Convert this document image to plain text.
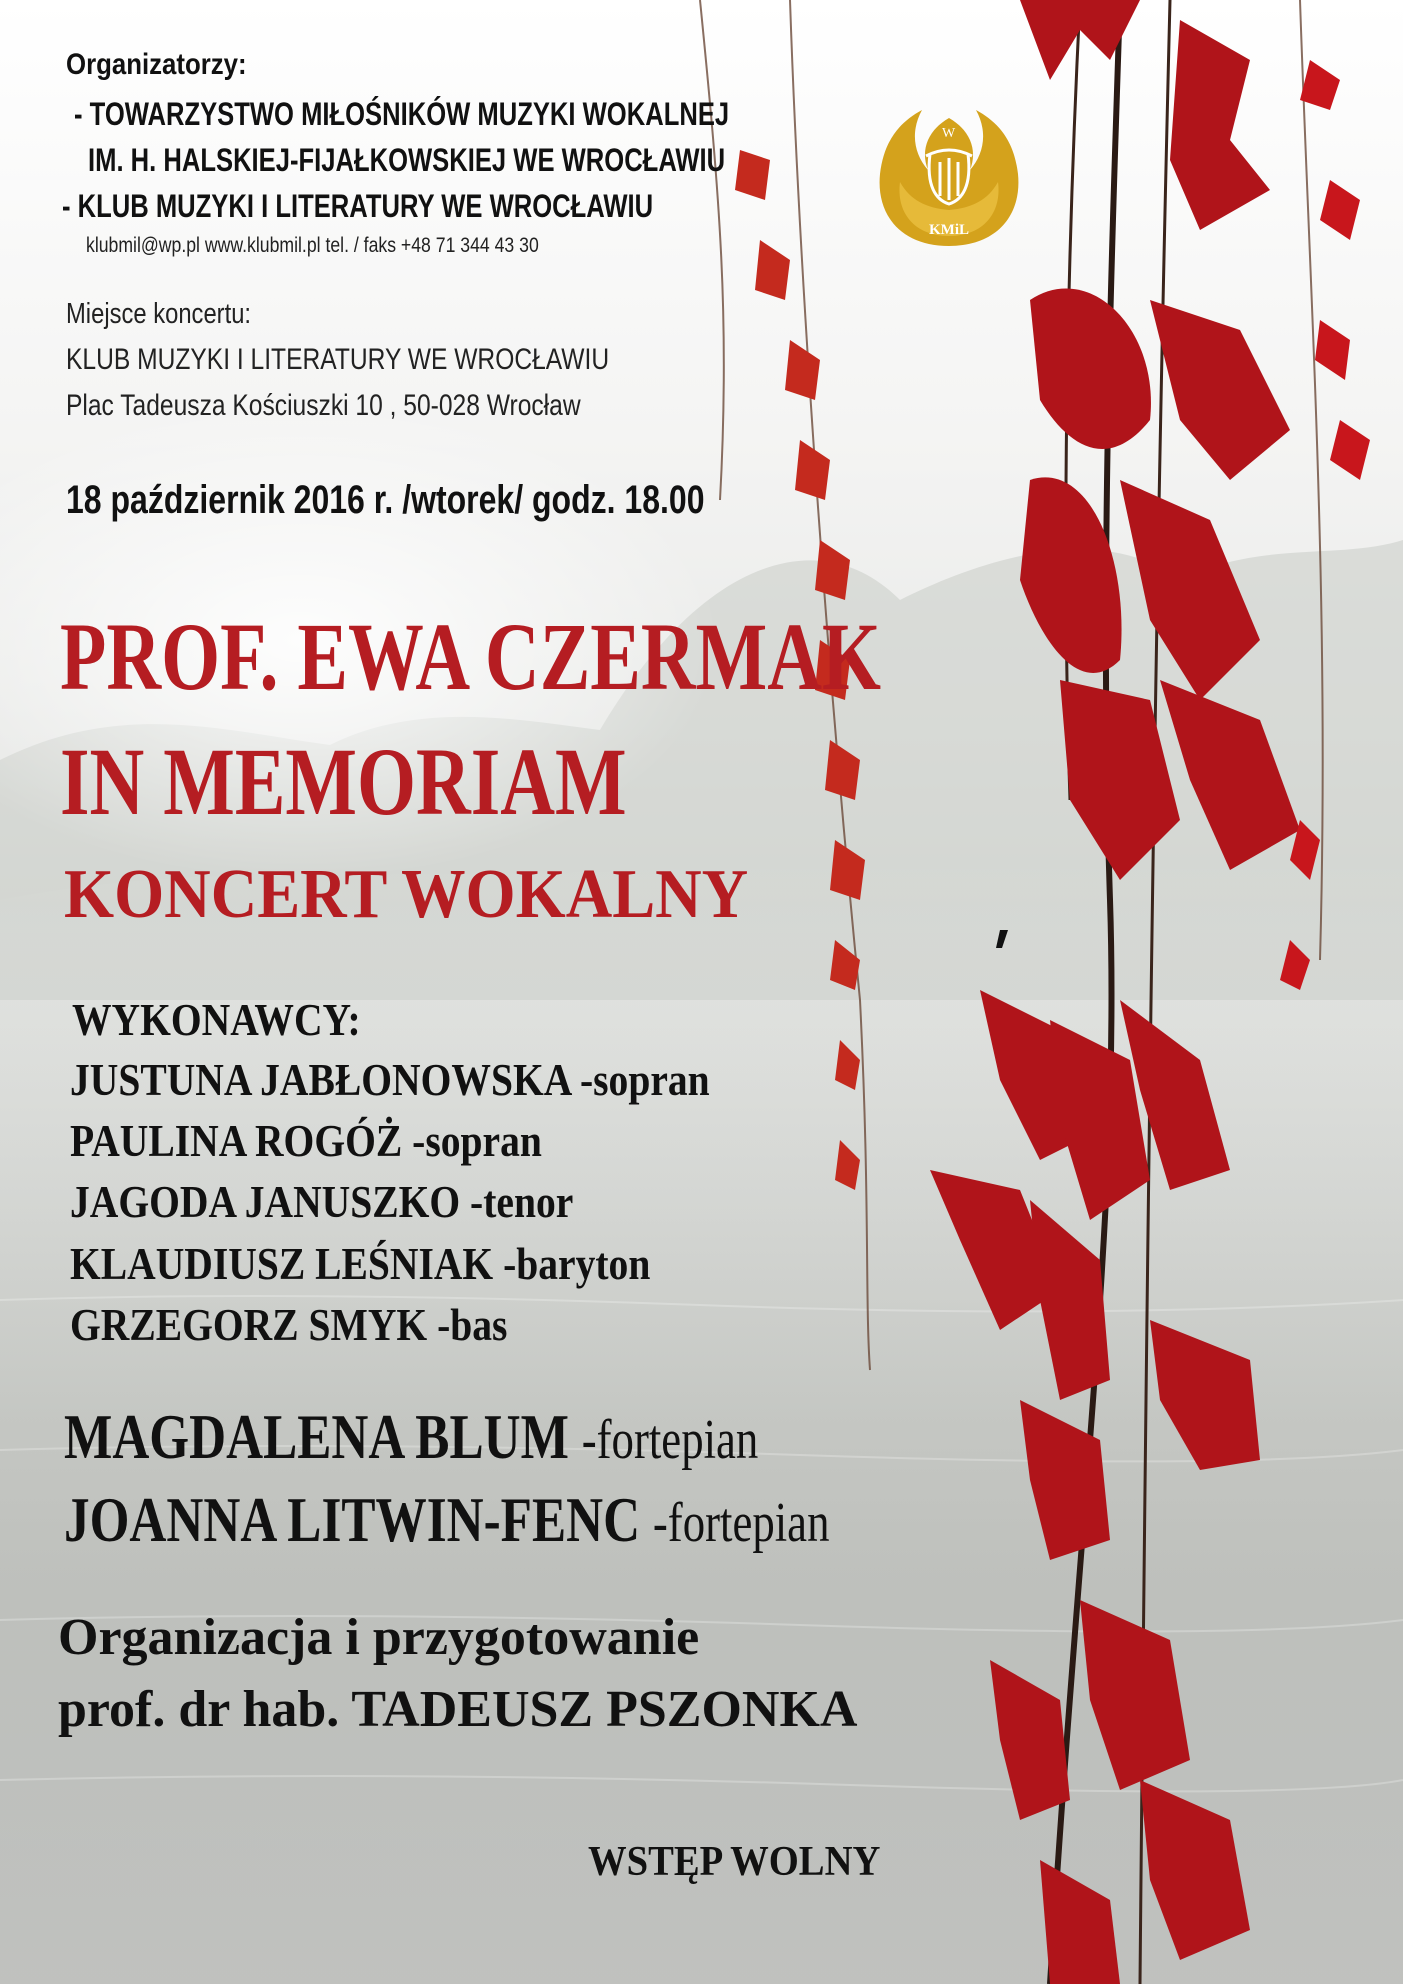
W
KMiL
Organizatorzy:
- TOWARZYSTWO MIŁOŚNIKÓW MUZYKI WOKALNEJ
IM. H. HALSKIEJ-FIJAŁKOWSKIEJ WE WROCŁAWIU
- KLUB MUZYKI I LITERATURY WE WROCŁAWIU
klubmil@wp.pl www.klubmil.pl tel. / faks +48 71 344 43 30
Miejsce koncertu:
KLUB MUZYKI I LITERATURY WE WROCŁAWIU
Plac Tadeusza Kościuszki 10 , 50-028 Wrocław
18 październik 2016 r. /wtorek/ godz. 18.00
PROF. EWA CZERMAK
IN MEMORIAM
KONCERT WOKALNY
WYKONAWCY:
JUSTUNA JABŁONOWSKA -sopran
PAULINA ROGÓŻ -sopran
JAGODA JANUSZKO -tenor
KLAUDIUSZ LEŚNIAK -baryton
GRZEGORZ SMYK -bas
MAGDALENA BLUM -fortepian
JOANNA LITWIN-FENC -fortepian
Organizacja i przygotowanie
prof. dr hab. TADEUSZ PSZONKA
WSTĘP WOLNY
